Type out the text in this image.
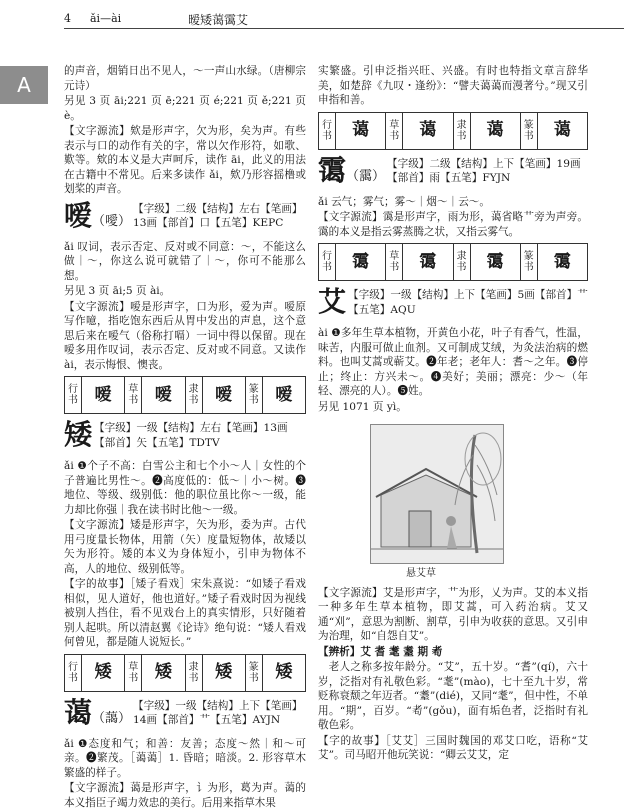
4 ǎi—ài	暧矮蔼霭艾
A

的声音，烟销日出不见人，～一声山水绿。（唐柳宗元诗）

另见 3 页 āi;221 页 ē;221 页 é;221 页 ě;221 页 è。

【文字源流】欸是形声字，欠为形，矣为声。有些表示与口的动作有关的字，常以欠作形符，如歌、歎等。欸的本义是大声呵斥，读作 āi，此义的用法在古籍中不常见。后来多读作 ǎi，欸乃形容摇橹或划桨的声音。

嗳（噯）
【字级】二级【结构】左右【笔画】13画【部首】口【五笔】KEPC

ǎi 叹词，表示否定、反对或不同意：～，不能这么做｜～，你这么说可就错了｜～，你可不能那么想。

另见 3 页 āi;5 页 ài。

【文字源流】嗳是形声字，口为形，爱为声。嗳原写作噫，指吃饱东西后从胃中发出的声息，这个意思后来在嗳气（俗称打嗝）一词中得以保留。现在嗳多用作叹词，表示否定、反对或不同意。又读作 ài，表示悔恨、懊丧。

行书	嗳	草书	嗳	隶书	嗳	篆书	嗳
矮 【字级】一级【结构】左右【笔画】13画【部首】矢【五笔】TDTV

ǎi ❶个子不高：白雪公主和七个小～人｜女性的个子普遍比男性～。❷高度低的：低～｜小～树。❸地位、等级、级别低：他的职位虽比你～一级，能力却比你强｜我在读书时比他～一级。

【文字源流】矮是形声字，矢为形，委为声。古代用弓度量长物体，用箭（矢）度量短物体，故矮以矢为形符。矮的本义为身体短小，引申为物体不高，人的地位、级别低等。

【字的故事】［矮子看戏］宋朱熹说：“如矮子看戏相似，见人道好，他也道好。”矮子看戏时因为视线被别人挡住，看不见戏台上的真实情形，只好随着别人起哄。所以清赵翼《论诗》绝句说：“矮人看戏何曾见，都是随人说短长。”

行书	矮	草书	矮	隶书	矮	篆书	矮
蔼（藹）
【字级】一级【结构】上下【笔画】14画【部首】艹【五笔】AYJN

ǎi ❶态度和气；和善：友善；态度～然｜和～可亲。❷繁茂。［蔼蔼］1. 昏暗；暗淡。2. 形容草木繁盛的样子。

【文字源流】蔼是形声字，讠为形，葛为声。蔼的本义指臣子竭力效忠的美行。后用来指草木果

实繁盛。引申泛指兴旺、兴盛。有时也特指文章言辞华美，如楚辞《九叹・逢纷》：“譬夫蔼蔼而漫著兮。”现又引申指和善。

行书	蔼	草书	蔼	隶书	蔼	篆书	蔼
霭（靄）
【字级】二级【结构】上下【笔画】19画【部首】雨【五笔】FYJN

ǎi 云气；雾气；雾～｜烟～｜云～。

【文字源流】霭是形声字，雨为形，蔼省略艹旁为声旁。霭的本义是指云雾蒸腾之状，又指云雾气。

行书	霭	草书	霭	隶书	霭	篆书	霭
艾 【字级】一级【结构】上下【笔画】5画【部首】艹【五笔】AQU

ài ❶多年生草本植物，开黄色小花，叶子有香气，性温，味苦，内服可做止血剂。又可制成艾绒，为灸法治病的燃料。也叫艾蒿或蕲艾。❷年老；老年人：耆～之年。❸停止；终止：方兴未～。❹美好；美丽；漂亮：少～（年轻、漂亮的人）。❺姓。

另见 1071 页 yì。

悬艾草

【文字源流】艾是形声字，艹为形，乂为声。艾的本义指一种多年生草本植物，即艾蒿，可入药治病。艾又通“刈”，意思为割断、割草，引申为收获的意思。又引申为治理，如“自怨自艾”。

【辨析】艾 耆 耄 耋 期 耇

老人之称多按年龄分。“艾”，五十岁。“耆”(qí)，六十岁，泛指对有礼敬色彩。“耄”(mào)，七十至九十岁，常贬称衰颓之年迈者。“耋”(dié)，又同“耄”，但中性，不单用。“期”，百岁。“耇”(gǒu)，面有垢色者，泛指时有礼敬色彩。

【字的故事】［艾艾］三国时魏国的邓艾口吃，语称“艾艾”。司马昭开他玩笑说：“卿云艾艾，定
